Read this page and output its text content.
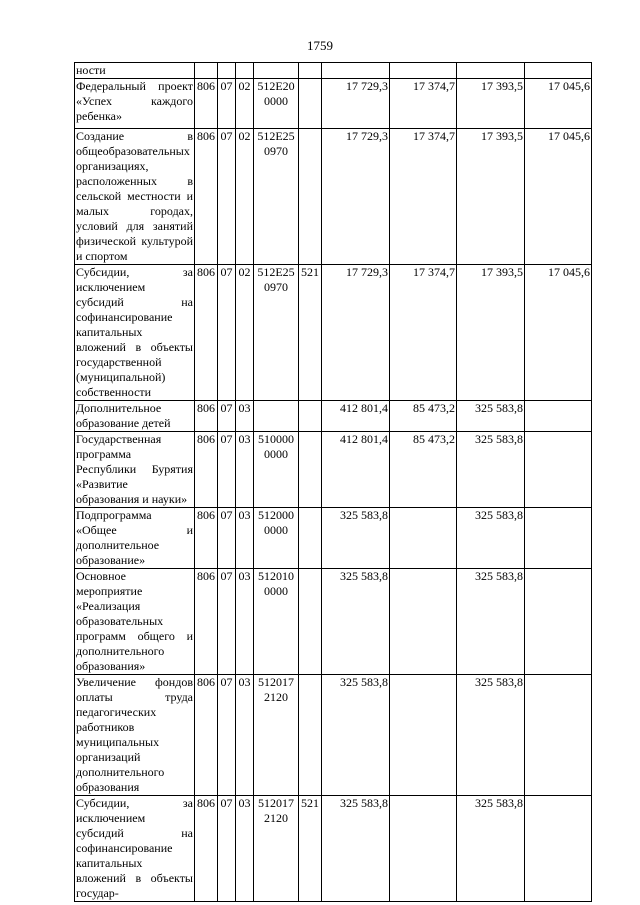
1759
ности									
Федеральный проект «Успех каждого ребенка»	806	07	02	512E20 0000		17 729,3	17 374,7	17 393,5	17 045,6
Создание в общеобразовательных организациях, расположенных в сельской местности и малых городах, условий для занятий физической культурой и спортом	806	07	02	512E25 0970		17 729,3	17 374,7	17 393,5	17 045,6
Субсидии, за исключением субсидий на софинансирование капитальных вложений в объекты государственной (муниципальной) собственности	806	07	02	512E25 0970	521	17 729,3	17 374,7	17 393,5	17 045,6
Дополнительное образование детей	806	07	03			412 801,4	85 473,2	325 583,8	
Государственная программа Республики Бурятия «Развитие образования и науки»	806	07	03	510000 0000		412 801,4	85 473,2	325 583,8	
Подпрограмма «Общее и дополнительное образование»	806	07	03	512000 0000		325 583,8		325 583,8	
Основное мероприятие «Реализация образовательных программ общего и дополнительного образования»	806	07	03	512010 0000		325 583,8		325 583,8	
Увеличение фондов оплаты труда педагогических работников муниципальных организаций дополнительного образования	806	07	03	512017 2120		325 583,8		325 583,8	
Субсидии, за исключением субсидий на софинансирование капитальных вложений в объекты государ-	806	07	03	512017 2120	521	325 583,8		325 583,8	
